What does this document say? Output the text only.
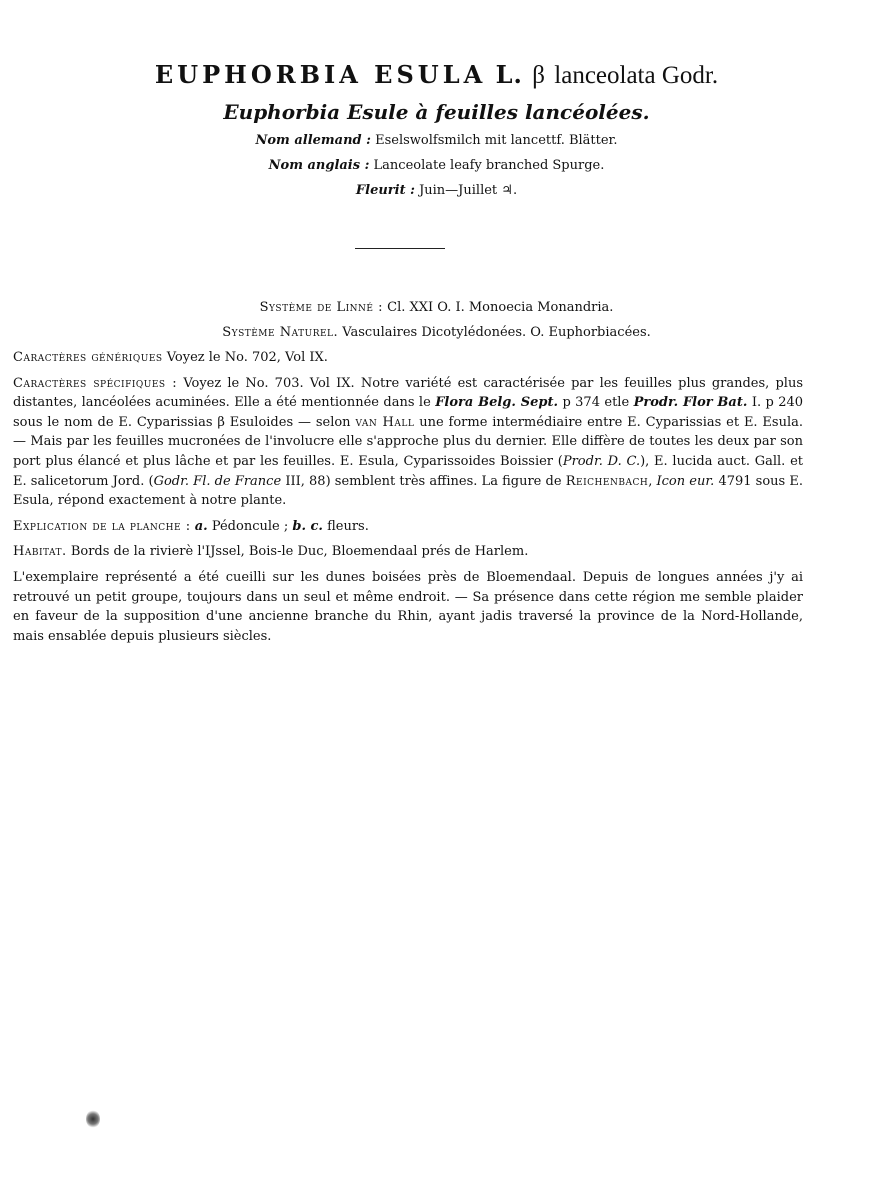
EUPHORBIA ESULA L. β lanceolata Godr.
Euphorbia Esule à feuilles lancéolées.
Nom allemand : Eselswolfsmilch mit lancettf. Blätter.
Nom anglais : Lanceolate leafy branched Spurge.
Fleurit : Juin—Juillet ♃.
Système de Linné : Cl. XXI O. I. Monoecia Monandria.
Système Naturel. Vasculaires Dicotylédonées. O. Euphorbiacées.

Caractères génériques Voyez le No. 702, Vol IX.

Caractères spécifiques : Voyez le No. 703. Vol IX. Notre variété est caractérisée par les feuilles plus grandes, plus distantes, lancéolées acuminées. Elle a été mentionnée dans le Flora Belg. Sept. p 374 etle Prodr. Flor Bat. I. p 240 sous le nom de E. Cyparissias β Esuloides — selon van Hall une forme intermédiaire entre E. Cyparissias et E. Esula. — Mais par les feuilles mucronées de l'involucre elle s'approche plus du dernier. Elle diffère de toutes les deux par son port plus élancé et plus lâche et par les feuilles. E. Esula, Cyparissoides Boissier (Prodr. D. C.), E. lucida auct. Gall. et E. salicetorum Jord. (Godr. Fl. de France III, 88) semblent très affines. La figure de Reichenbach, Icon eur. 4791 sous E. Esula, répond exactement à notre plante.

Explication de la planche : a. Pédoncule ; b. c. fleurs.

Habitat. Bords de la rivierè l'IJssel, Bois-le Duc, Bloemendaal prés de Harlem.

L'exemplaire représenté a été cueilli sur les dunes boisées près de Bloemendaal. Depuis de longues années j'y ai retrouvé un petit groupe, toujours dans un seul et même endroit. — Sa présence dans cette région me semble plaider en faveur de la supposition d'une ancienne branche du Rhin, ayant jadis traversé la province de la Nord-Hollande, mais ensablée depuis plusieurs siècles.
